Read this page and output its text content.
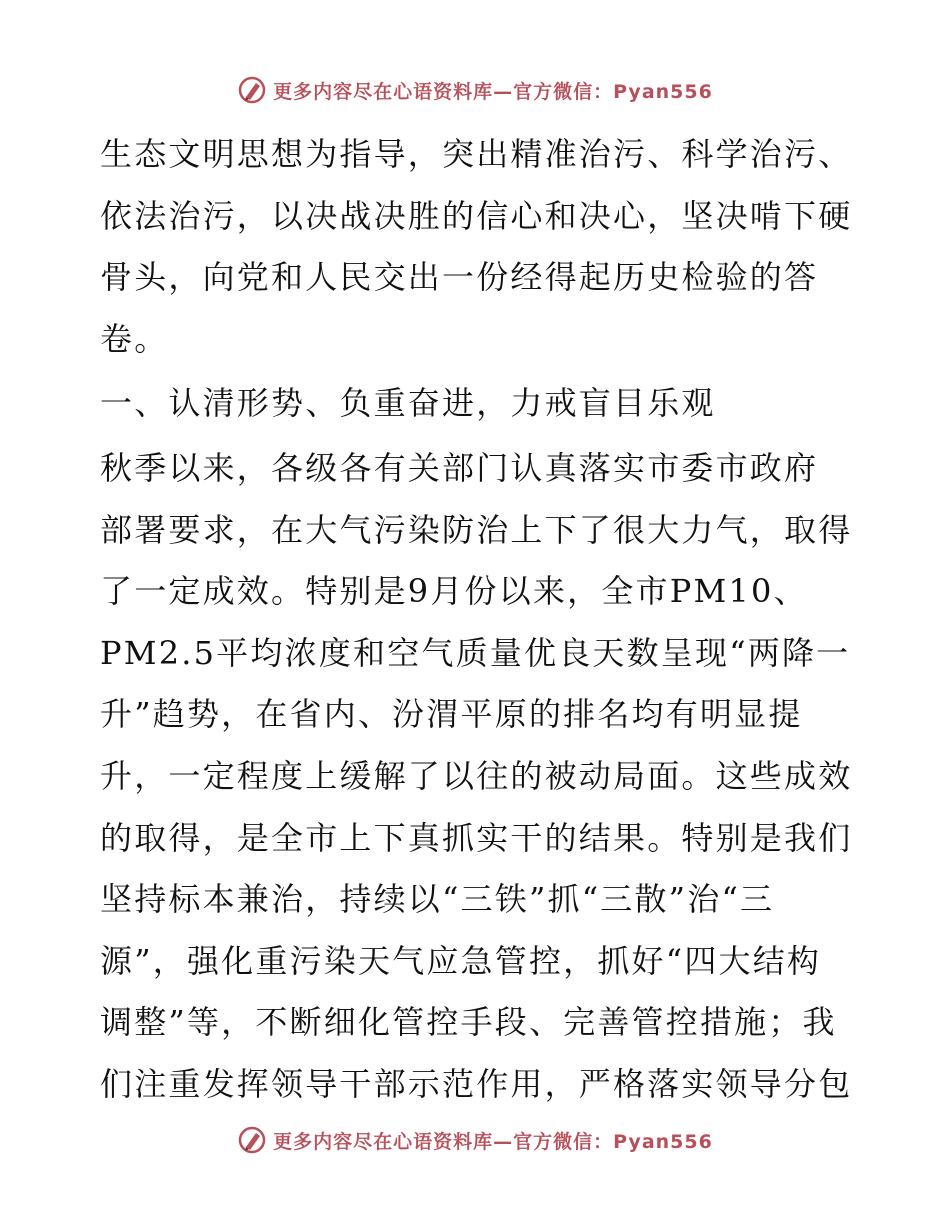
更多内容尽在心语资料库—官方微信：Pyan556
生态文明思想为指导，突出精准治污、科学治污、
依法治污，以决战决胜的信心和决心，坚决啃下硬
骨头，向党和人民交出一份经得起历史检验的答
卷。
一、认清形势、负重奋进，力戒盲目乐观
秋季以来，各级各有关部门认真落实市委市政府
部署要求，在大气污染防治上下了很大力气，取得
了一定成效。特别是9月份以来，全市PM10、
PM2.5平均浓度和空气质量优良天数呈现“两降一
升”趋势，在省内、汾渭平原的排名均有明显提
升，一定程度上缓解了以往的被动局面。这些成效
的取得，是全市上下真抓实干的结果。特别是我们
坚持标本兼治，持续以“三铁”抓“三散”治“三
源”，强化重污染天气应急管控，抓好“四大结构
调整”等，不断细化管控手段、完善管控措施；我
们注重发挥领导干部示范作用，严格落实领导分包
更多内容尽在心语资料库—官方微信：Pyan556
